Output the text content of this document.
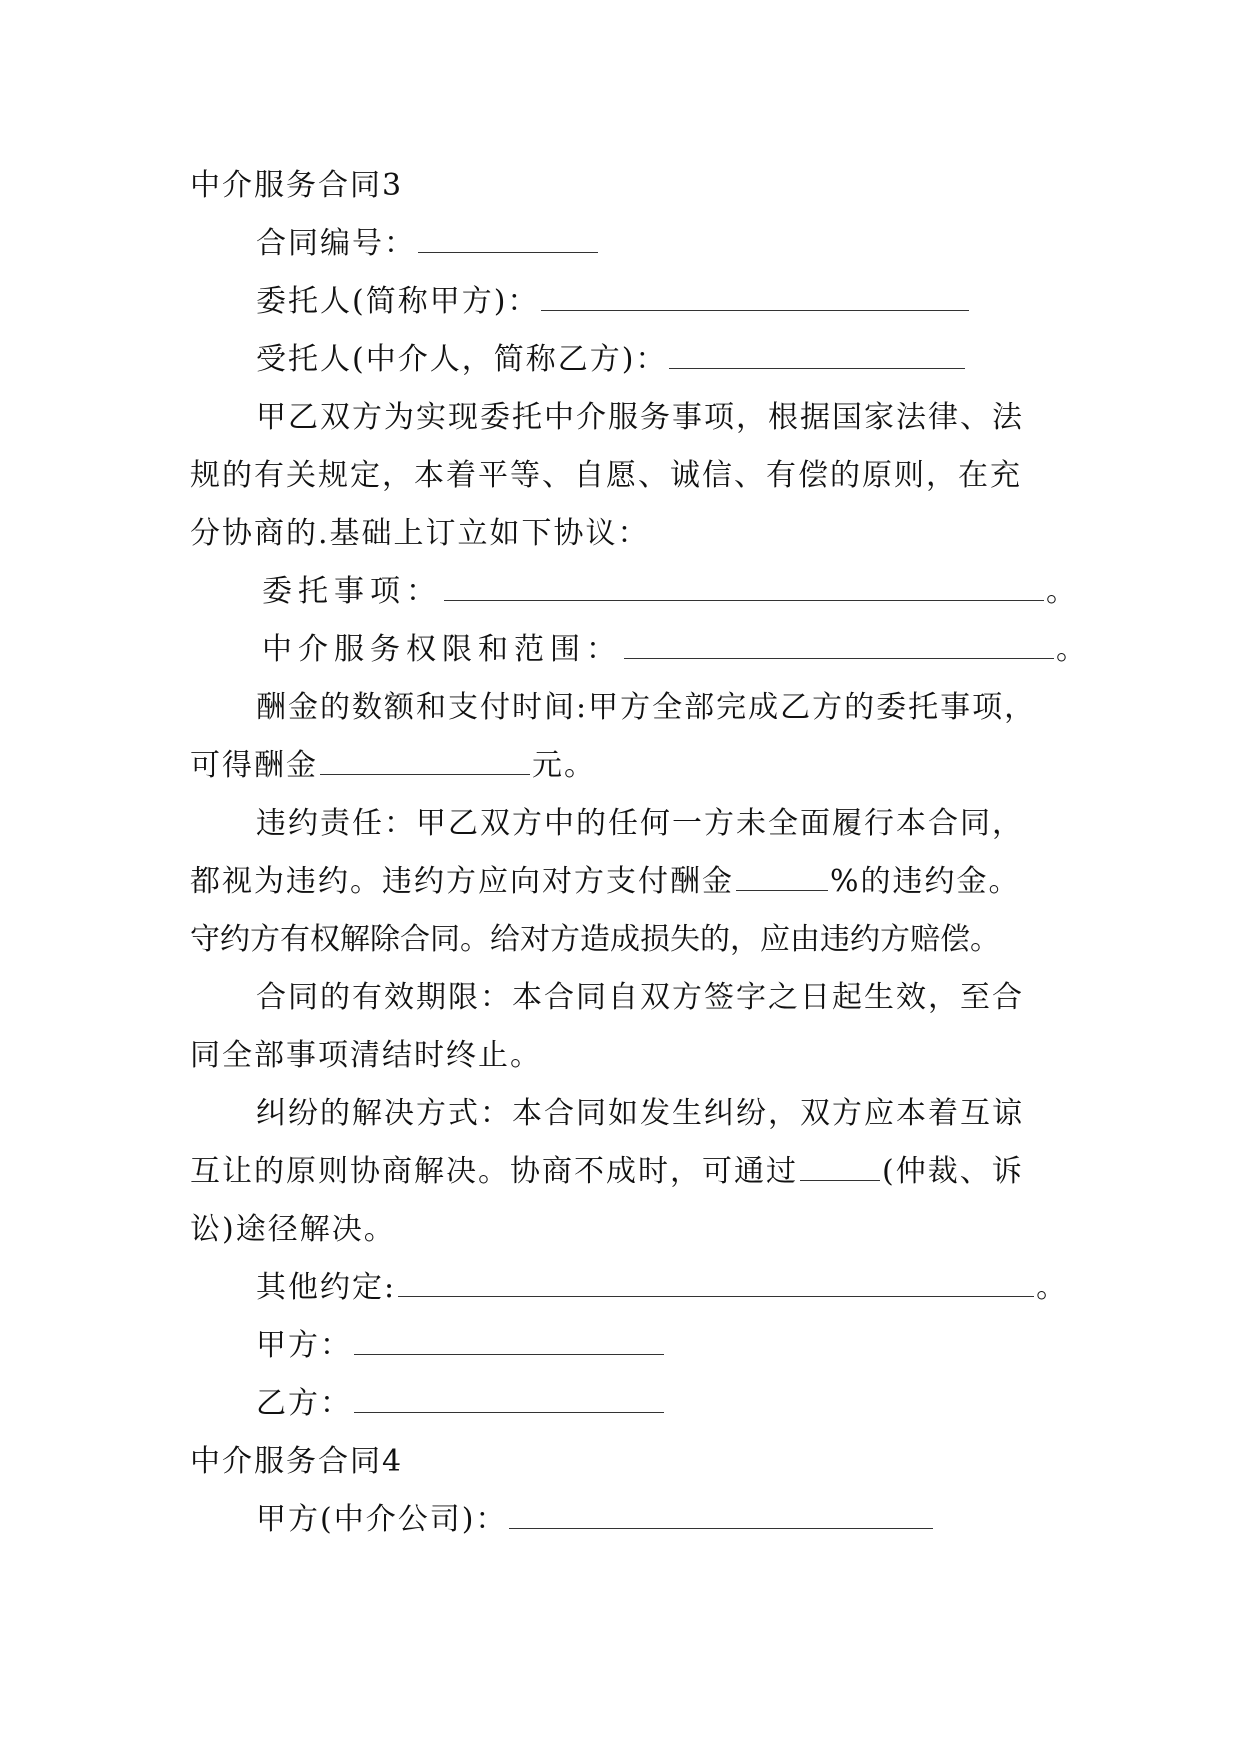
中介服务合同3
合同编号：
委托人(简称甲方)：
受托人(中介人，简称乙方)：
甲乙双方为实现委托中介服务事项，根据国家法律、法
规的有关规定，本着平等、自愿、诚信、有偿的原则，在充
分协商的.基础上订立如下协议：
委托事项：	。
中介服务权限和范围：	。
酬金的数额和支付时间:甲方全部完成乙方的委托事项，
可得酬金	元。
违约责任：甲乙双方中的任何一方未全面履行本合同，
都视为违约。违约方应向对方支付酬金	%的违约金。
守约方有权解除合同。给对方造成损失的，应由违约方赔偿。
合同的有效期限：本合同自双方签字之日起生效，至合
同全部事项清结时终止。
纠纷的解决方式：本合同如发生纠纷，双方应本着互谅
互让的原则协商解决。协商不成时，可通过	(仲裁、诉
讼)途径解决。
其他约定:	。
甲方：
乙方：
中介服务合同4
甲方(中介公司)：
